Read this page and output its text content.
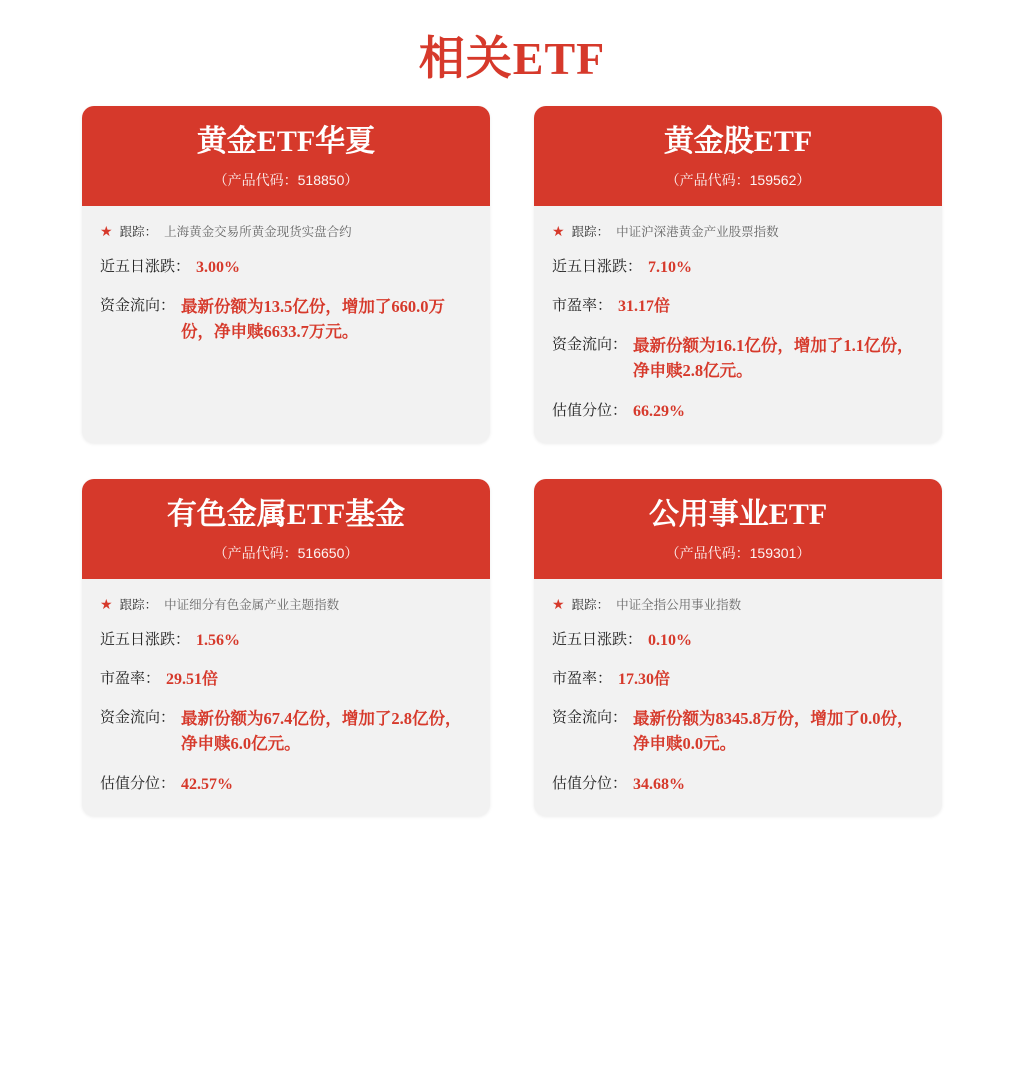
相关ETF
黄金ETF华夏
（产品代码：518850）
★ 跟踪： 上海黄金交易所黄金现货实盘合约
近五日涨跌： 3.00%
资金流向： 最新份额为13.5亿份，增加了660.0万份，净申赎6633.7万元。
黄金股ETF
（产品代码：159562）
★ 跟踪： 中证沪深港黄金产业股票指数
近五日涨跌： 7.10%
市盈率： 31.17倍
资金流向： 最新份额为16.1亿份，增加了1.1亿份，净申赎2.8亿元。
估值分位： 66.29%
有色金属ETF基金
（产品代码：516650）
★ 跟踪： 中证细分有色金属产业主题指数
近五日涨跌： 1.56%
市盈率： 29.51倍
资金流向： 最新份额为67.4亿份，增加了2.8亿份，净申赎6.0亿元。
估值分位： 42.57%
公用事业ETF
（产品代码：159301）
★ 跟踪： 中证全指公用事业指数
近五日涨跌： 0.10%
市盈率： 17.30倍
资金流向： 最新份额为8345.8万份，增加了0.0份，净申赎0.0元。
估值分位： 34.68%
